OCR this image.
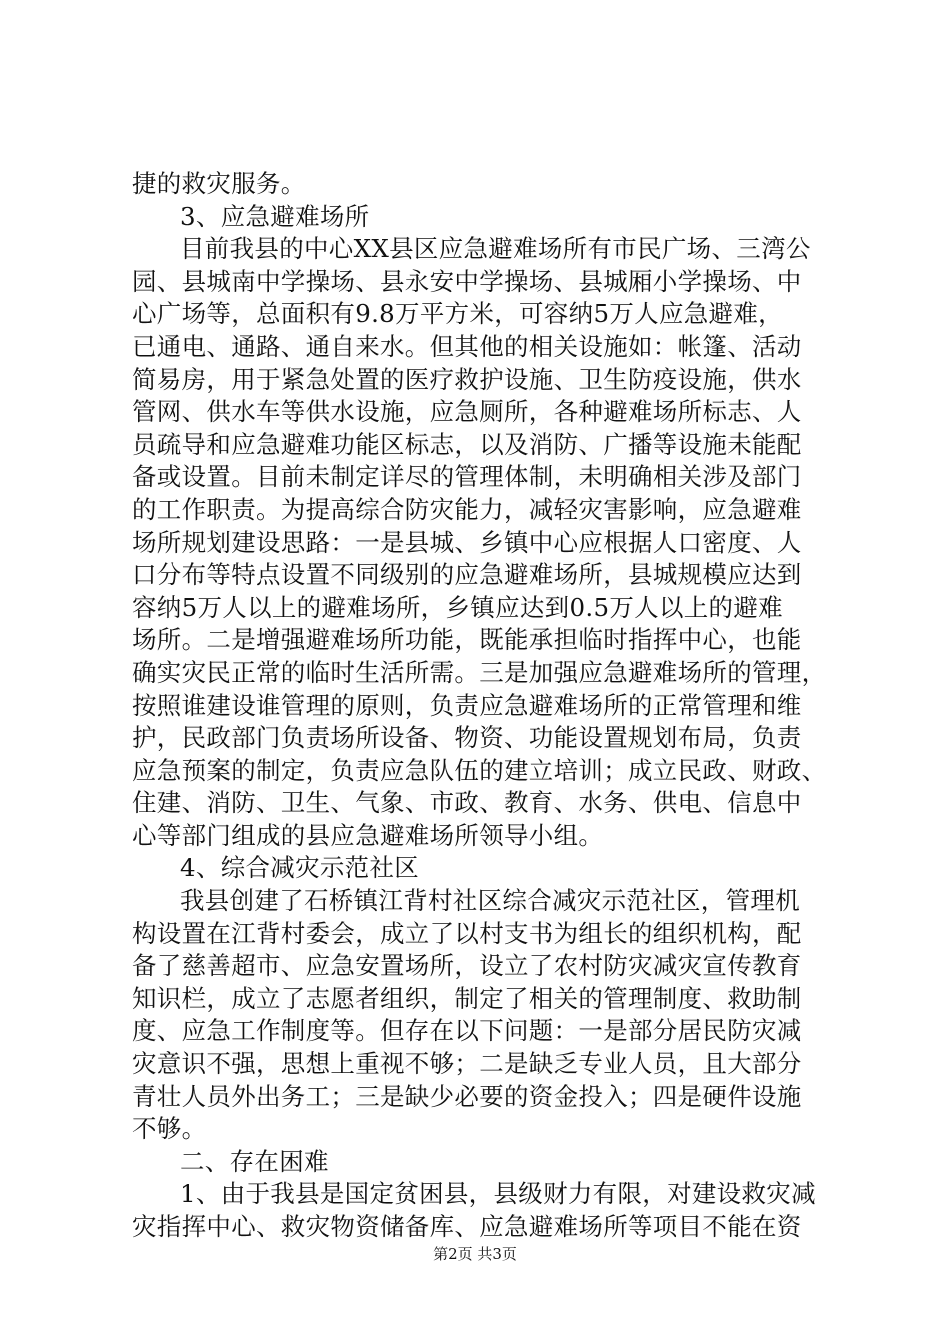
捷的救灾服务。
3、应急避难场所
目前我县的中心XX县区应急避难场所有市民广场、三湾公
园、县城南中学操场、县永安中学操场、县城厢小学操场、中
心广场等，总面积有9.8万平方米，可容纳5万人应急避难，
已通电、通路、通自来水。但其他的相关设施如：帐篷、活动
简易房，用于紧急处置的医疗救护设施、卫生防疫设施，供水
管网、供水车等供水设施，应急厕所，各种避难场所标志、人
员疏导和应急避难功能区标志，以及消防、广播等设施未能配
备或设置。目前未制定详尽的管理体制，未明确相关涉及部门
的工作职责。为提高综合防灾能力，减轻灾害影响，应急避难
场所规划建设思路：一是县城、乡镇中心应根据人口密度、人
口分布等特点设置不同级别的应急避难场所，县城规模应达到
容纳5万人以上的避难场所，乡镇应达到0.5万人以上的避难
场所。二是增强避难场所功能，既能承担临时指挥中心，也能
确实灾民正常的临时生活所需。三是加强应急避难场所的管理，
按照谁建设谁管理的原则，负责应急避难场所的正常管理和维
护，民政部门负责场所设备、物资、功能设置规划布局，负责
应急预案的制定，负责应急队伍的建立培训；成立民政、财政、
住建、消防、卫生、气象、市政、教育、水务、供电、信息中
心等部门组成的县应急避难场所领导小组。
4、综合减灾示范社区
我县创建了石桥镇江背村社区综合减灾示范社区，管理机
构设置在江背村委会，成立了以村支书为组长的组织机构，配
备了慈善超市、应急安置场所，设立了农村防灾减灾宣传教育
知识栏，成立了志愿者组织，制定了相关的管理制度、救助制
度、应急工作制度等。但存在以下问题：一是部分居民防灾减
灾意识不强，思想上重视不够；二是缺乏专业人员，且大部分
青壮人员外出务工；三是缺少必要的资金投入；四是硬件设施
不够。
二、存在困难
1、由于我县是国定贫困县，县级财力有限，对建设救灾减
灾指挥中心、救灾物资储备库、应急避难场所等项目不能在资
第2页 共3页
